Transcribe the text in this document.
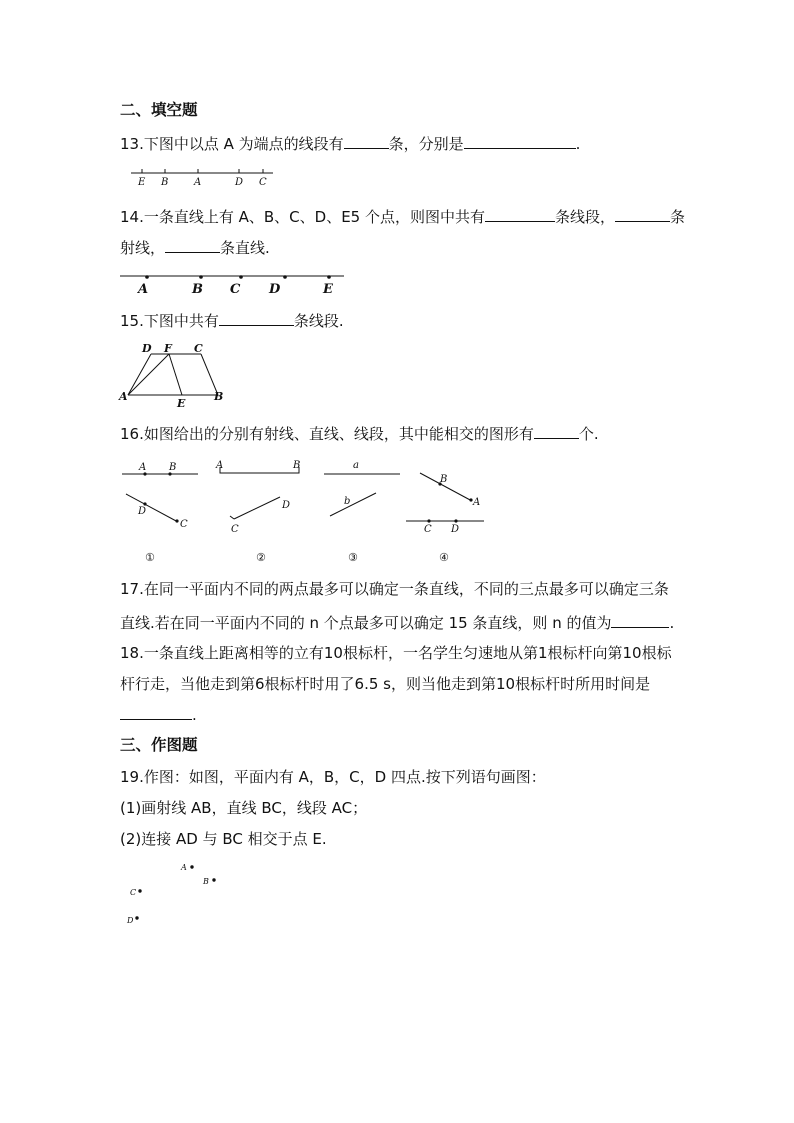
二、填空题
13.下图中以点 A 为端点的线段有	条，分别是	.
E B	A	D C
14.一条直线上有 A、B、C、D、E5 个点，则图中共有	条线段，	条
射线，	条直线.
A	B C D	E
15.下图中共有	条线段.
D F C
A
E
B
16.如图给出的分别有射线、直线、线段，其中能相交的图形有	个.
A B
D
C
①
A	B
C
D
②
a
b
③
B
A
C D
④
17.在同一平面内不同的两点最多可以确定一条直线，不同的三点最多可以确定三条
直线.若在同一平面内不同的 n 个点最多可以确定 15 条直线，则 n 的值为	.
18.一条直线上距离相等的立有10根标杆，一名学生匀速地从第1根标杆向第10根标
杆行走，当他走到第6根标杆时用了6.5 s，则当他走到第10根标杆时所用时间是
.
三、作图题
19.作图：如图，平面内有 A，B，C，D 四点.按下列语句画图：
(1)画射线 AB，直线 BC，线段 AC；
(2)连接 AD 与 BC 相交于点 E.
A
B
C
D
